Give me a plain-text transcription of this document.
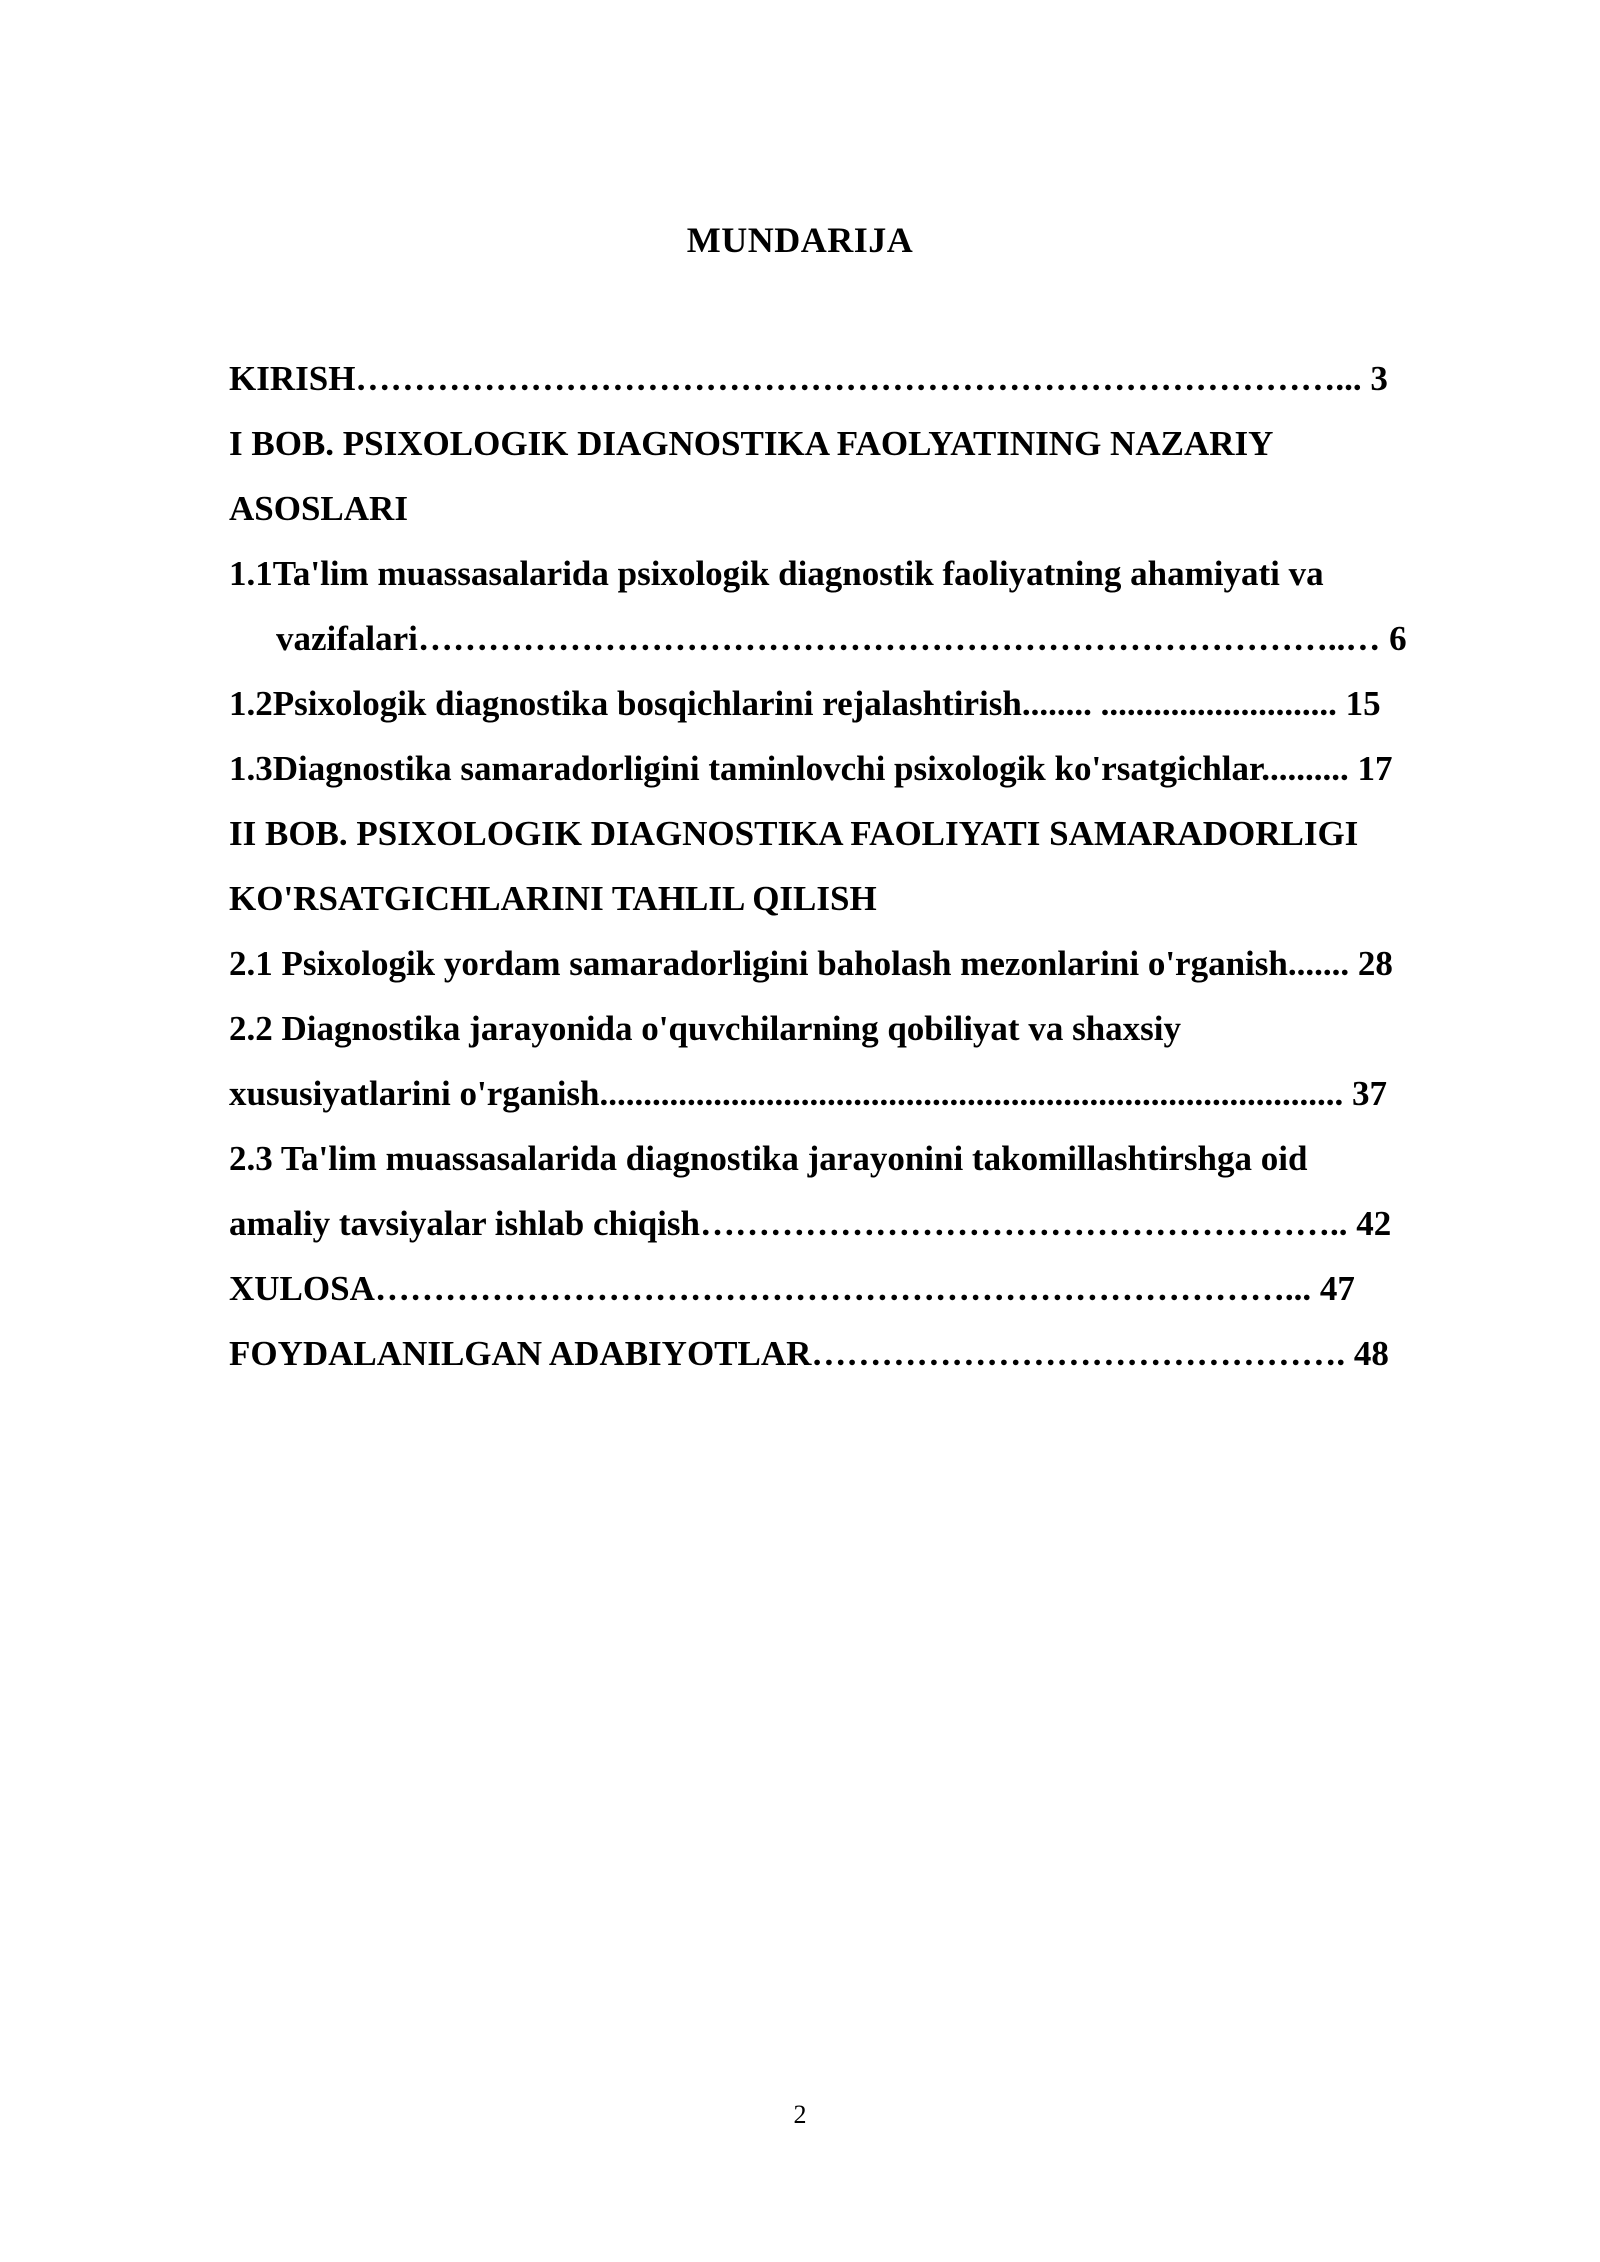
MUNDARIJA
KIRISH…………………………………………………………………………... 3
I BOB. PSIXOLOGIK DIAGNOSTIKA FAOLYATINING NAZARIY
ASOSLARI
1.1Ta'lim muassasalarida psixologik diagnostik faoliyatning ahamiyati va
vazifalari……………………………………………………………………..… 6
1.2Psixologik diagnostika bosqichlarini rejalashtirish........ ........................... 15
1.3Diagnostika samaradorligini taminlovchi psixologik ko'rsatgichlar.......... 17
II BOB. PSIXOLOGIK DIAGNOSTIKA FAOLIYATI SAMARADORLIGI
KO'RSATGICHLARINI TAHLIL QILISH
2.1 Psixologik yordam samaradorligini baholash mezonlarini o'rganish....... 28
2.2 Diagnostika jarayonida o'quvchilarning qobiliyat va shaxsiy
xususiyatlarini o'rganish..................................................................................... 37
2.3 Ta'lim muassasalarida diagnostika jarayonini takomillashtirshga oid
amaliy tavsiyalar ishlab chiqish……………………………………………….. 42
XULOSA……………………………………………………………………... 47
FOYDALANILGAN ADABIYOTLAR………………………………………. 48
2
